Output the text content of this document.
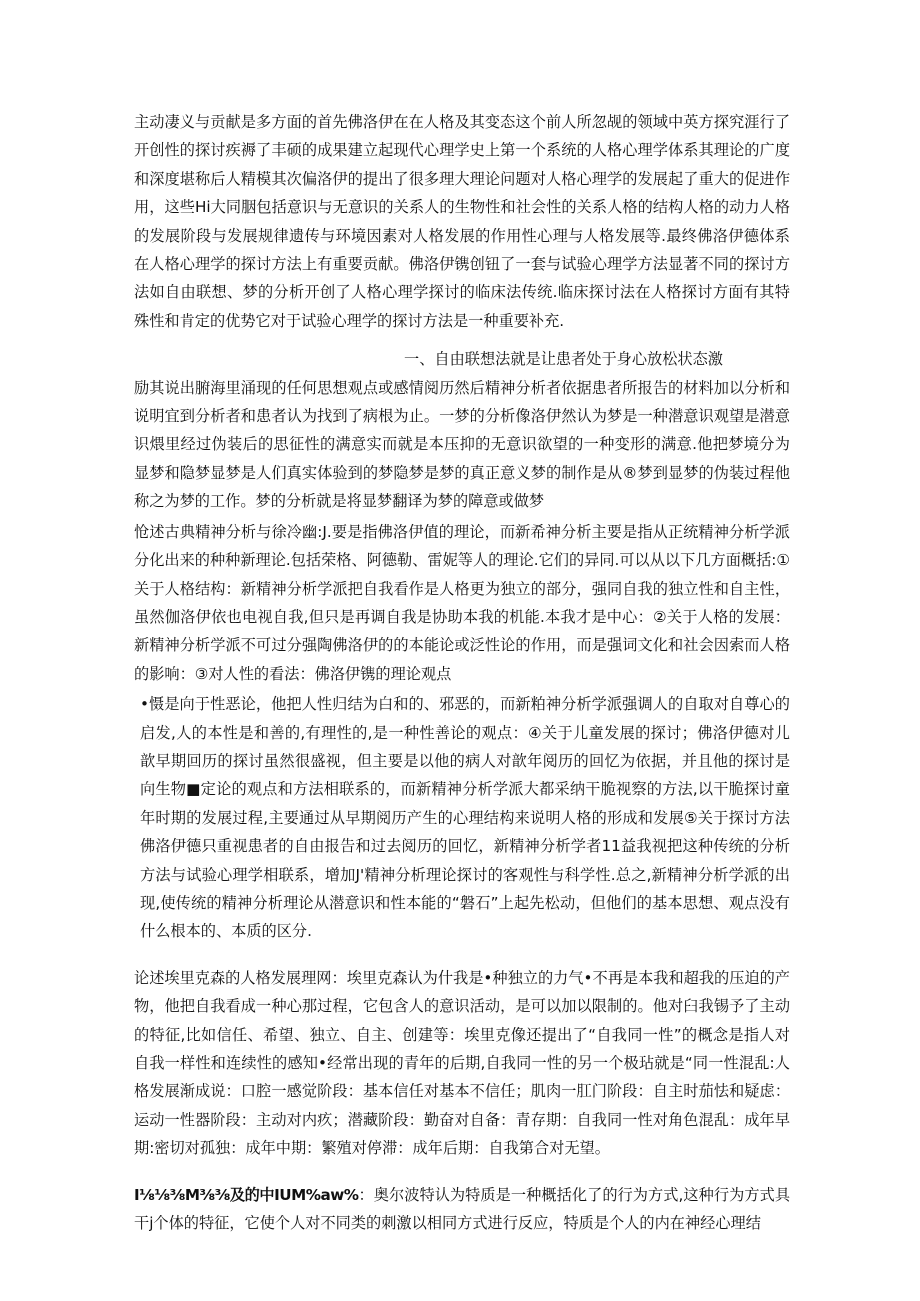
主动凄义与贡献是多方面的首先佛洛伊在在人格及其变态这个前人所忽觇的领域中英方探究涯行了开创性的探讨疾褥了丰硕的成果建立起现代心理学史上第一个系统的人格心理学体系其理论的广度和深度堪称后人精模其次偏洛伊的提出了很多理大理论问题对人格心理学的发展起了重大的促进作用，这些Hi大同胭包括意识与无意识的关系人的生物性和社会性的关系人格的结构人格的动力人格的发展阶段与发展规律遗传与环境因素对人格发展的作用性心理与人格发展等.最终佛洛伊德体系在人格心理学的探讨方法上有重要贡献。佛洛伊镌创钮了一套与试验心理学方法显著不同的探讨方法如自由联想、梦的分析开创了人格心理学探讨的临床法传统.临床探讨法在人格探讨方面有其特殊性和肯定的优势它对于试验心理学的探讨方法是一种重要补充.

一、自由联想法就是让患者处于身心放松状态激

励其说出腑海里涌现的任何思想观点或感情阅历然后精神分析者依据患者所报告的材料加以分析和说明宜到分析者和患者认为找到了病根为止。一梦的分析像洛伊然认为梦是一种潜意识观望是潜意识煨里经过伪装后的思征性的满意实而就是本压抑的无意识欲望的一种变形的满意.他把梦境分为显梦和隐梦显梦是人们真实体验到的梦隐梦是梦的真正意义梦的制作是从®梦到显梦的伪装过程他称之为梦的工作。梦的分析就是将显梦翻译为梦的障意或做梦

怆述古典精神分析与徐冷幽:J.要是指佛洛伊值的理论，而新希神分析主要是指从正统精神分析学派分化出来的种种新理论.包括荣格、阿德勒、雷妮等人的理论.它们的异同.可以从以下几方面概括:①关于人格结构：新精神分析学派把自我看作是人格更为独立的部分，强同自我的独立性和自主性，虽然伽洛伊依也电视自我,但只是再调自我是协助本我的机能.本我才是中心：②关于人格的发展：新精神分析学派不可过分强陶佛洛伊的的本能论或泛性论的作用，而是强词文化和社会因索而人格的影响：③对人性的看法：佛洛伊镌的理论观点

•慑是向于性恶论，他把人性归结为白和的、邪恶的，而新粕神分析学派强调人的自取对自尊心的启发,人的本性是和善的,有理性的,是一种性善论的观点：④关于儿童发展的探讨；佛洛伊德对儿歆早期回历的探讨虽然很盛视，但主要是以他的病人对歆年阅历的回忆为依据，并且他的探讨是向生物■定论的观点和方法相联系的，而新精神分析学派大都采纳干脆视察的方法,以干脆探讨童年时期的发展过程,主要通过从早期阅历产生的心理结构来说明人格的形成和发展⑤关于探讨方法佛洛伊德只重视患者的自由报告和过去阅历的回忆，新精神分析学者11益我视把这种传统的分析方法与试验心理学相联系，增加J'精神分析理论探讨的客观性与科学性.总之,新精神分析学派的出现,使传统的精神分析理论从潜意识和性本能的“磐石”上起先松动，但他们的基本思想、观点没有什么根本的、本质的区分.

论述埃里克森的人格发展理网：埃里克森认为什我是•种独立的力气•不再是本我和超我的压迫的产物，他把自我看成一种心那过程，它包含人的意识活动，是可以加以限制的。他对臼我锡予了主动的特征,比如信任、希望、独立、自主、创建等：埃里克像还提出了“自我同一性”的概念是指人对自我一样性和连续性的感知•经常出现的青年的后期,自我同一性的另一个极玷就是“同一性混乱:人格发展渐成说：口腔一感觉阶段：基本信任对基本不信任；肌肉一肛门阶段：自主时茄怯和疑虑：运动一性器阶段：主动对内疚；潜藏阶段：勤奋对自备：青存期：自我同一性对角色混乱：成年早期:密切对孤独：成年中期：繁殖对停滞：成年后期：自我第合对无望。

I⅛⅛⅜M⅜⅜及的中IUM%aw%：奥尔波特认为特质是一种概括化了的行为方式,这种行为方式具干j个体的特征，它使个人对不同类的刺激以相同方式进行反应，特质是个人的内在神经心理结
